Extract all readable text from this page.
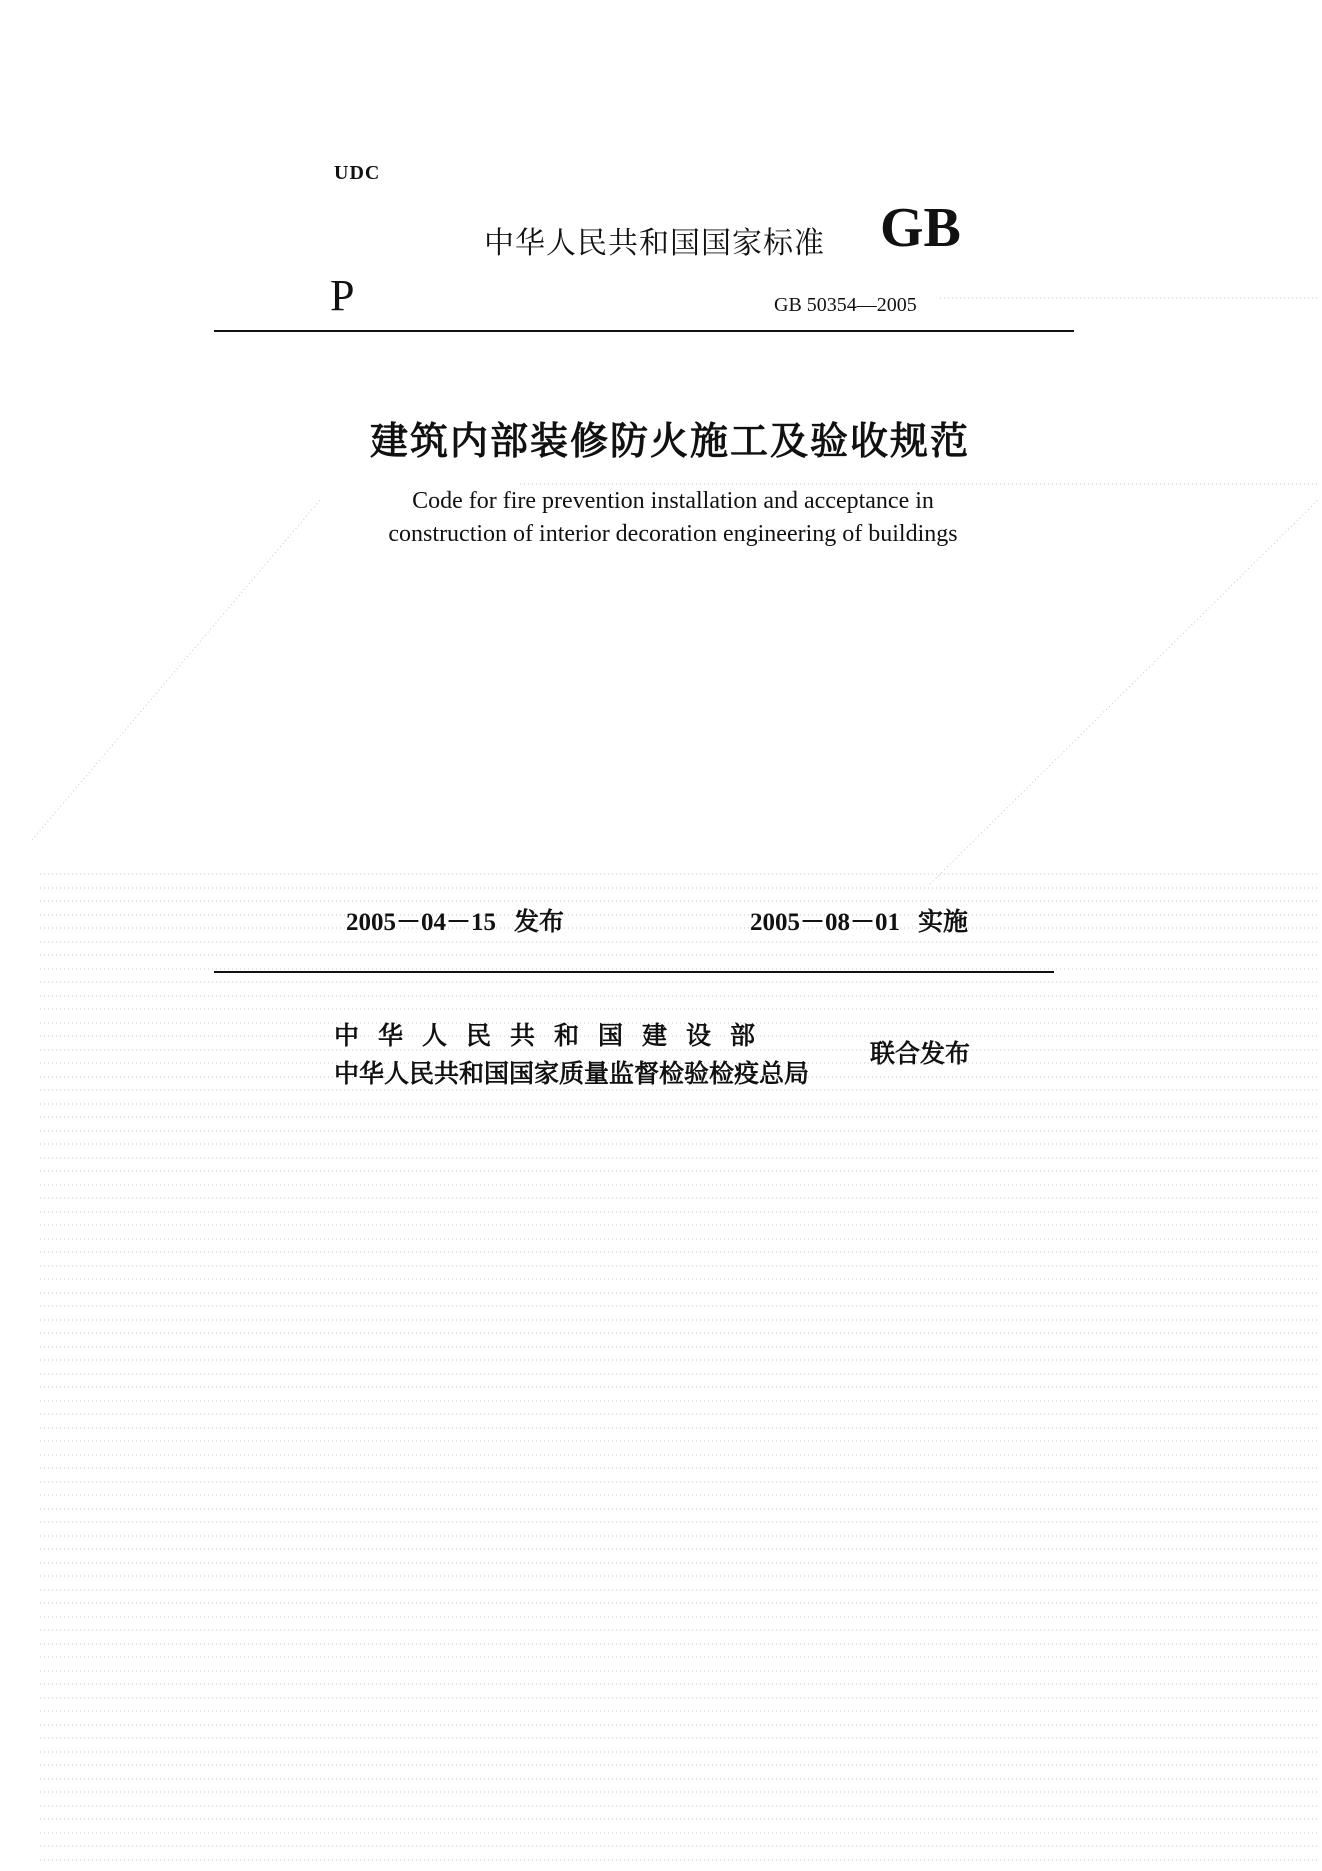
UDC
中华人民共和国国家标准 GB
P	GB 50354—2005
建筑内部装修防火施工及验收规范
Code for fire prevention installation and acceptance in
construction of interior decoration engineering of buildings
2005－04－15 发布	2005－08－01 实施
中华人民共和国建设部
中华人民共和国国家质量监督检验检疫总局
联合发布
